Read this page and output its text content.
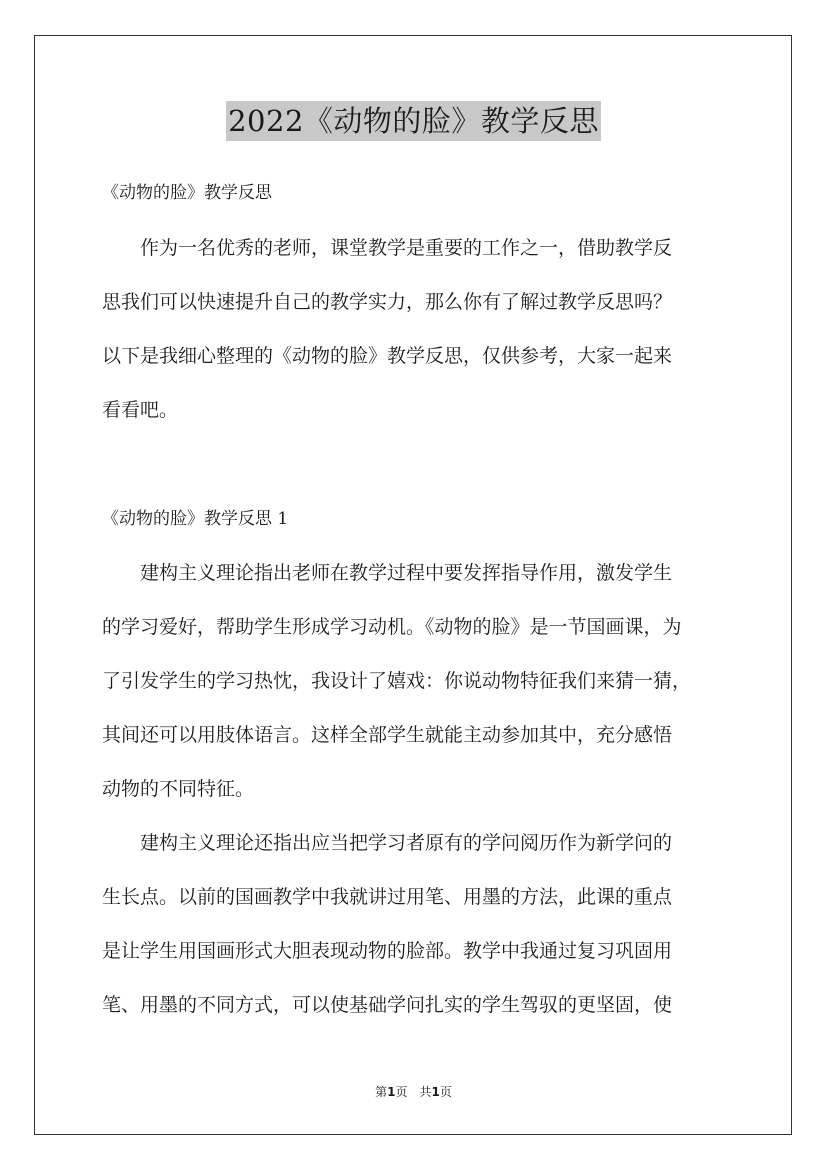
2022《动物的脸》教学反思
《动物的脸》教学反思
　　作为一名优秀的老师，课堂教学是重要的工作之一，借助教学反
思我们可以快速提升自己的教学实力，那么你有了解过教学反思吗？
以下是我细心整理的《动物的脸》教学反思，仅供参考，大家一起来
看看吧。
《动物的脸》教学反思 1
　　建构主义理论指出老师在教学过程中要发挥指导作用，激发学生
的学习爱好，帮助学生形成学习动机。《动物的脸》是一节国画课，为
了引发学生的学习热忱，我设计了嬉戏：你说动物特征我们来猜一猜，
其间还可以用肢体语言。这样全部学生就能主动参加其中，充分感悟
动物的不同特征。
　　建构主义理论还指出应当把学习者原有的学问阅历作为新学问的
生长点。以前的国画教学中我就讲过用笔、用墨的方法，此课的重点
是让学生用国画形式大胆表现动物的脸部。教学中我通过复习巩固用
笔、用墨的不同方式，可以使基础学问扎实的学生驾驭的更坚固，使
第1页　共1页
